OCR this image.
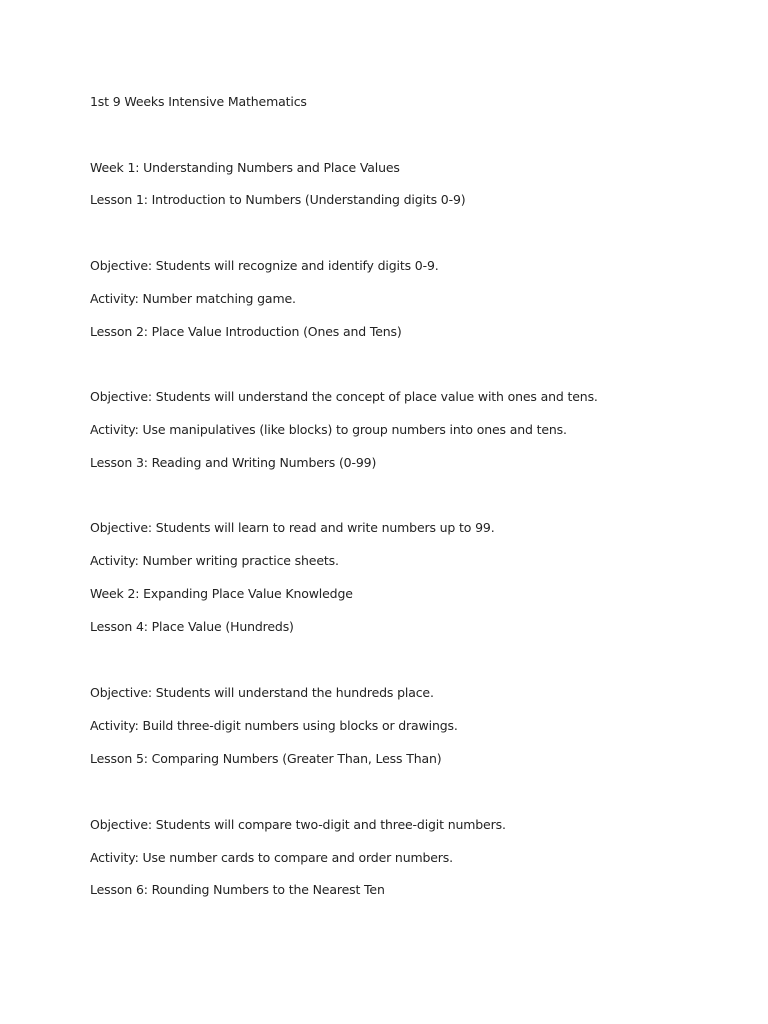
1st 9 Weeks Intensive Mathematics

Week 1: Understanding Numbers and Place Values

Lesson 1: Introduction to Numbers (Understanding digits 0-9)

Objective: Students will recognize and identify digits 0-9.

Activity: Number matching game.

Lesson 2: Place Value Introduction (Ones and Tens)

Objective: Students will understand the concept of place value with ones and tens.

Activity: Use manipulatives (like blocks) to group numbers into ones and tens.

Lesson 3: Reading and Writing Numbers (0-99)

Objective: Students will learn to read and write numbers up to 99.

Activity: Number writing practice sheets.

Week 2: Expanding Place Value Knowledge

Lesson 4: Place Value (Hundreds)

Objective: Students will understand the hundreds place.

Activity: Build three-digit numbers using blocks or drawings.

Lesson 5: Comparing Numbers (Greater Than, Less Than)

Objective: Students will compare two-digit and three-digit numbers.

Activity: Use number cards to compare and order numbers.

Lesson 6: Rounding Numbers to the Nearest Ten
